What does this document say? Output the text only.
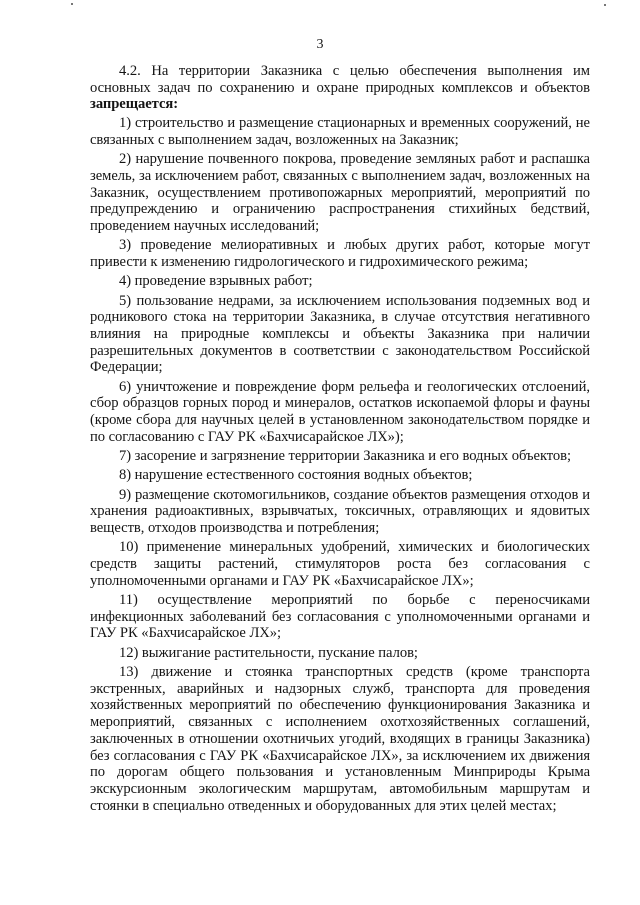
3

4.2. На территории Заказника с целью обеспечения выполнения им основных задач по сохранению и охране природных комплексов и объектов запрещается:

1) строительство и размещение стационарных и временных сооружений, не связанных с выполнением задач, возложенных на Заказник;

2) нарушение почвенного покрова, проведение земляных работ и распашка земель, за исключением работ, связанных с выполнением задач, возложенных на Заказник, осуществлением противопожарных мероприятий, мероприятий по предупреждению и ограничению распространения стихийных бедствий, проведением научных исследований;

3) проведение мелиоративных и любых других работ, которые могут привести к изменению гидрологического и гидрохимического режима;

4) проведение взрывных работ;

5) пользование недрами, за исключением использования подземных вод и родникового стока на территории Заказника, в случае отсутствия негативного влияния на природные комплексы и объекты Заказника при наличии разрешительных документов в соответствии с законодательством Российской Федерации;

6) уничтожение и повреждение форм рельефа и геологических отслоений, сбор образцов горных пород и минералов, остатков ископаемой флоры и фауны (кроме сбора для научных целей в установленном законодательством порядке и по согласованию с ГАУ РК «Бахчисарайское ЛХ»);

7) засорение и загрязнение территории Заказника и его водных объектов;

8) нарушение естественного состояния водных объектов;

9) размещение скотомогильников, создание объектов размещения отходов и хранения радиоактивных, взрывчатых, токсичных, отравляющих и ядовитых веществ, отходов производства и потребления;

10) применение минеральных удобрений, химических и биологических средств защиты растений, стимуляторов роста без согласования с уполномоченными органами и ГАУ РК «Бахчисарайское ЛХ»;

11) осуществление мероприятий по борьбе с переносчиками инфекционных заболеваний без согласования с уполномоченными органами и ГАУ РК «Бахчисарайское ЛХ»;

12) выжигание растительности, пускание палов;

13) движение и стоянка транспортных средств (кроме транспорта экстренных, аварийных и надзорных служб, транспорта для проведения хозяйственных мероприятий по обеспечению функционирования Заказника и мероприятий, связанных с исполнением охотхозяйственных соглашений, заключенных в отношении охотничьих угодий, входящих в границы Заказника) без согласования с ГАУ РК «Бахчисарайское ЛХ», за исключением их движения по дорогам общего пользования и установленным Минприроды Крыма экскурсионным экологическим маршрутам, автомобильным маршрутам и стоянки в специально отведенных и оборудованных для этих целей местах;
